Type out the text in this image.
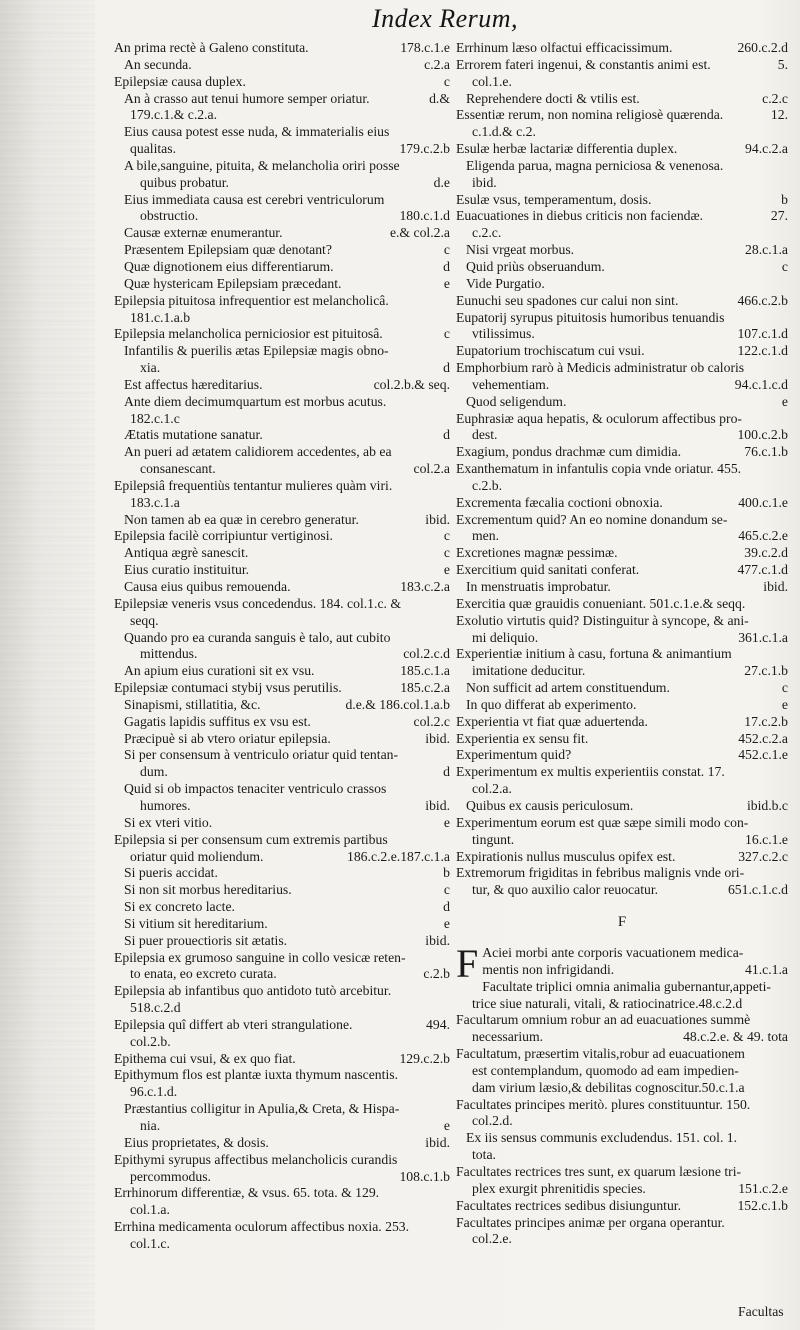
Index Rerum,
An prima rectè à Galeno constituta.	178.c.1.e
An secunda.	c.2.a
Epilepsiæ causa duplex.	c
An à crasso aut tenui humore semper oriatur.	d.&
179.c.1.& c.2.a.
Eius causa potest esse nuda, & immaterialis eius
qualitas.	179.c.2.b
A bile,sanguine, pituita, & melancholia oriri posse
quibus probatur.	d.e
Eius immediata causa est cerebri ventriculorum
obstructio.	180.c.1.d
Causæ externæ enumerantur.	e.& col.2.a
Præsentem Epilepsiam quæ denotant?	c
Quæ dignotionem eius differentiarum.	d
Quæ hystericam Epilepsiam præcedant.	e
Epilepsia pituitosa infrequentior est melancholicâ.
181.c.1.a.b
Epilepsia melancholica perniciosior est pituitosâ.	c
Infantilis & puerilis ætas Epilepsiæ magis obno-
xia.	d
Est affectus hæreditarius.	col.2.b.& seq.
Ante diem decimumquartum est morbus acutus.
182.c.1.c
Ætatis mutatione sanatur.	d
An pueri ad ætatem calidiorem accedentes, ab ea
consanescant.	col.2.a
Epilepsiâ frequentiùs tentantur mulieres quàm viri.
183.c.1.a
Non tamen ab ea quæ in cerebro generatur.	ibid.
Epilepsia facilè corripiuntur vertiginosi.	c
Antiqua ægrè sanescit.	c
Eius curatio instituitur.	e
Causa eius quibus remouenda.	183.c.2.a
Epilepsiæ veneris vsus concedendus. 184. col.1.c. &
seqq.
Quando pro ea curanda sanguis è talo, aut cubito
mittendus.	col.2.c.d
An apium eius curationi sit ex vsu.	185.c.1.a
Epilepsiæ contumaci stybij vsus perutilis.	185.c.2.a
Sinapismi, stillatitia, &c.	d.e.& 186.col.1.a.b
Gagatis lapidis suffitus ex vsu est.	col.2.c
Præcipuè si ab vtero oriatur epilepsia.	ibid.
Si per consensum à ventriculo oriatur quid tentan-
dum.	d
Quid si ob impactos tenaciter ventriculo crassos
humores.	ibid.
Si ex vteri vitio.	e
Epilepsia si per consensum cum extremis partibus
oriatur quid moliendum.	186.c.2.e.187.c.1.a
Si pueris accidat.	b
Si non sit morbus hereditarius.	c
Si ex concreto lacte.	d
Si vitium sit hereditarium.	e
Si puer prouectioris sit ætatis.	ibid.
Epilepsia ex grumoso sanguine in collo vesicæ reten-
to enata, eo excreto curata.	c.2.b
Epilepsia ab infantibus quo antidoto tutò arcebitur.
518.c.2.d
Epilepsia quî differt ab vteri strangulatione.	494.
col.2.b.
Epithema cui vsui, & ex quo fiat.	129.c.2.b
Epithymum flos est plantæ iuxta thymum nascentis.
96.c.1.d.
Præstantius colligitur in Apulia,& Creta, & Hispa-
nia.	e
Eius proprietates, & dosis.	ibid.
Epithymi syrupus affectibus melancholicis curandis
percommodus.	108.c.1.b
Errhinorum differentiæ, & vsus. 65. tota. & 129.
col.1.a.
Errhina medicamenta oculorum affectibus noxia. 253.
col.1.c.
Errhinum læso olfactui efficacissimum.	260.c.2.d
Errorem fateri ingenui, & constantis animi est.	5.
col.1.e.
Reprehendere docti & vtilis est.	c.2.c
Essentiæ rerum, non nomina religiosè quærenda.	12.
c.1.d.& c.2.
Esulæ herbæ lactariæ differentia duplex.	94.c.2.a
Eligenda parua, magna perniciosa & venenosa.
ibid.
Esulæ vsus, temperamentum, dosis.	b
Euacuationes in diebus criticis non faciendæ.	27.
c.2.c.
Nisi vrgeat morbus.	28.c.1.a
Quid priùs obseruandum.	c
Vide Purgatio.
Eunuchi seu spadones cur calui non sint.	466.c.2.b
Eupatorij syrupus pituitosis humoribus tenuandis
vtilissimus.	107.c.1.d
Eupatorium trochiscatum cui vsui.	122.c.1.d
Emphorbium rarò à Medicis administratur ob caloris
vehementiam.	94.c.1.c.d
Quod seligendum.	e
Euphrasiæ aqua hepatis, & oculorum affectibus pro-
dest.	100.c.2.b
Exagium, pondus drachmæ cum dimidia.	76.c.1.b
Exanthematum in infantulis copia vnde oriatur. 455.
c.2.b.
Excrementa fæcalia coctioni obnoxia.	400.c.1.e
Excrementum quid? An eo nomine donandum se-
men.	465.c.2.e
Excretiones magnæ pessimæ.	39.c.2.d
Exercitium quid sanitati conferat.	477.c.1.d
In menstruatis improbatur.	ibid.
Exercitia quæ grauidis conueniant. 501.c.1.e.& seqq.
Exolutio virtutis quid? Distinguitur à syncope, & ani-
mi deliquio.	361.c.1.a
Experientiæ initium à casu, fortuna & animantium
imitatione deducitur.	27.c.1.b
Non sufficit ad artem constituendum.	c
In quo differat ab experimento.	e
Experientia vt fiat quæ aduertenda.	17.c.2.b
Experientia ex sensu fit.	452.c.2.a
Experimentum quid?	452.c.1.e
Experimentum ex multis experientiis constat. 17.
col.2.a.
Quibus ex causis periculosum.	ibid.b.c
Experimentum eorum est quæ sæpe simili modo con-
tingunt.	16.c.1.e
Expirationis nullus musculus opifex est.	327.c.2.c
Extremorum frigiditas in febribus malignis vnde ori-
tur, & quo auxilio calor reuocatur.	651.c.1.c.d
F
F Aciei morbi ante corporis vacuationem medica-
mentis non infrigidandi.	41.c.1.a
Facultate triplici omnia animalia gubernantur,appeti-
trice siue naturali, vitali, & ratiocinatrice.48.c.2.d
Facultarum omnium robur an ad euacuationes summè
necessarium.	48.c.2.e. & 49. tota
Facultatum, præsertim vitalis,robur ad euacuationem
est contemplandum, quomodo ad eam impedien-
dam virium læsio,& debilitas cognoscitur.50.c.1.a
Facultates principes meritò. plures constituuntur. 150.
col.2.d.
Ex iis sensus communis excludendus. 151. col. 1.
tota.
Facultates rectrices tres sunt, ex quarum læsione tri-
plex exurgit phrenitidis species.	151.c.2.e
Facultates rectrices sedibus disiunguntur.	152.c.1.b
Facultates principes animæ per organa operantur.
col.2.e.
Facultas
